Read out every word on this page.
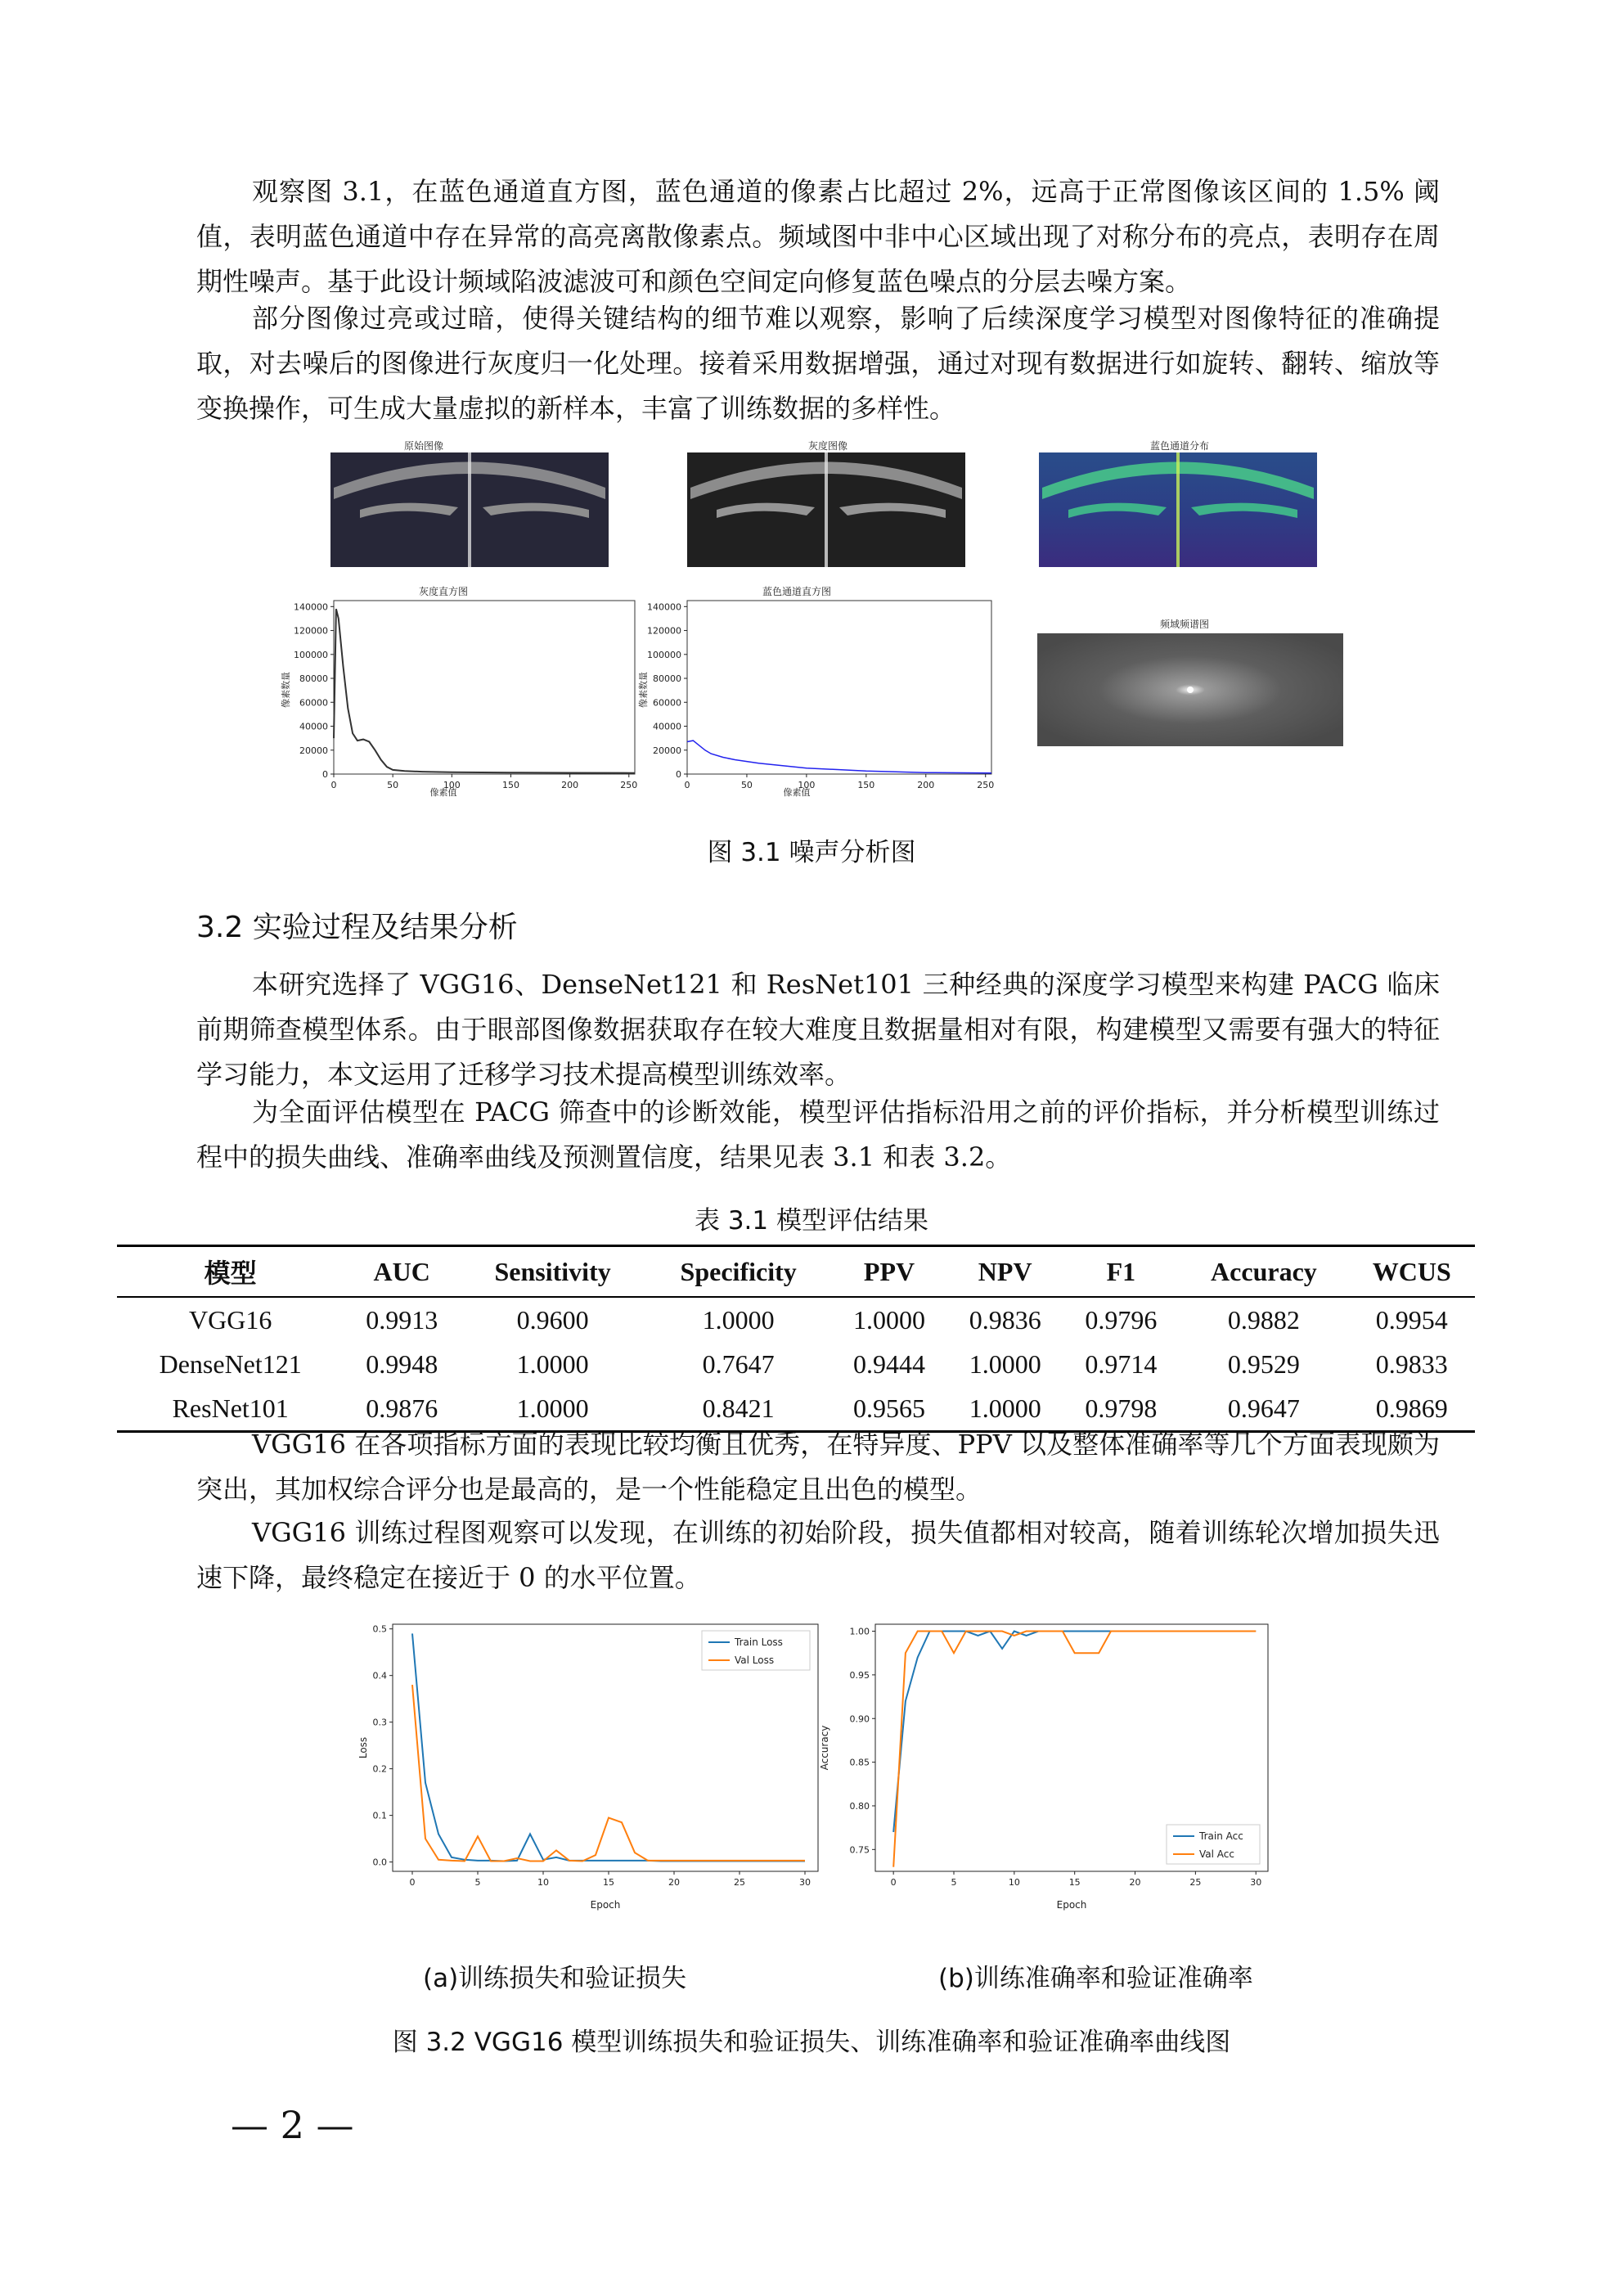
观察图 3.1，在蓝色通道直方图，蓝色通道的像素占比超过 2%，远高于正常图像该区间的 1.5% 阈值，表明蓝色通道中存在异常的高亮离散像素点。频域图中非中心区域出现了对称分布的亮点，表明存在周期性噪声。基于此设计频域陷波滤波可和颜色空间定向修复蓝色噪点的分层去噪方案。

部分图像过亮或过暗，使得关键结构的细节难以观察，影响了后续深度学习模型对图像特征的准确提取，对去噪后的图像进行灰度归一化处理。接着采用数据增强，通过对现有数据进行如旋转、翻转、缩放等变换操作，可生成大量虚拟的新样本，丰富了训练数据的多样性。

原始图像	灰度图像	蓝色通道分布
灰度直方图
0	50	100	150	200	250
0
20000
40000
60000
80000
100000
120000
140000
像素值
像素数量
蓝色通道直方图
0	50	100	150	200	250
0
20000
40000
60000
80000
100000
120000
140000
像素值
像素数量
频域频谱图
图 3.1 噪声分析图
3.2 实验过程及结果分析

本研究选择了 VGG16、DenseNet121 和 ResNet101 三种经典的深度学习模型来构建 PACG 临床前期筛查模型体系。由于眼部图像数据获取存在较大难度且数据量相对有限，构建模型又需要有强大的特征学习能力，本文运用了迁移学习技术提高模型训练效率。

为全面评估模型在 PACG 筛查中的诊断效能，模型评估指标沿用之前的评价指标，并分析模型训练过程中的损失曲线、准确率曲线及预测置信度，结果见表 3.1 和表 3.2。

表 3.1 模型评估结果
模型	AUC	Sensitivity	Specificity	PPV	NPV	F1	Accuracy	WCUS
VGG16	0.9913	0.9600	1.0000	1.0000	0.9836	0.9796	0.9882	0.9954
DenseNet121	0.9948	1.0000	0.7647	0.9444	1.0000	0.9714	0.9529	0.9833
ResNet101	0.9876	1.0000	0.8421	0.9565	1.0000	0.9798	0.9647	0.9869

VGG16 在各项指标方面的表现比较均衡且优秀，在特异度、PPV 以及整体准确率等几个方面表现颇为突出，其加权综合评分也是最高的，是一个性能稳定且出色的模型。

VGG16 训练过程图观察可以发现，在训练的初始阶段，损失值都相对较高，随着训练轮次增加损失迅速下降，最终稳定在接近于 0 的水平位置。

0	5	10	15	20	25	30
0.0
0.1
0.2
0.3
0.4
0.5
Train Loss
Val Loss
Epoch
Loss
0	5	10	15	20	25	30
0.75
0.80
0.85
0.90
0.95
1.00
Train Acc
Val Acc
Epoch
Accuracy
(a)训练损失和验证损失	(b)训练准确率和验证准确率
图 3.2 VGG16 模型训练损失和验证损失、训练准确率和验证准确率曲线图
— 2 —
